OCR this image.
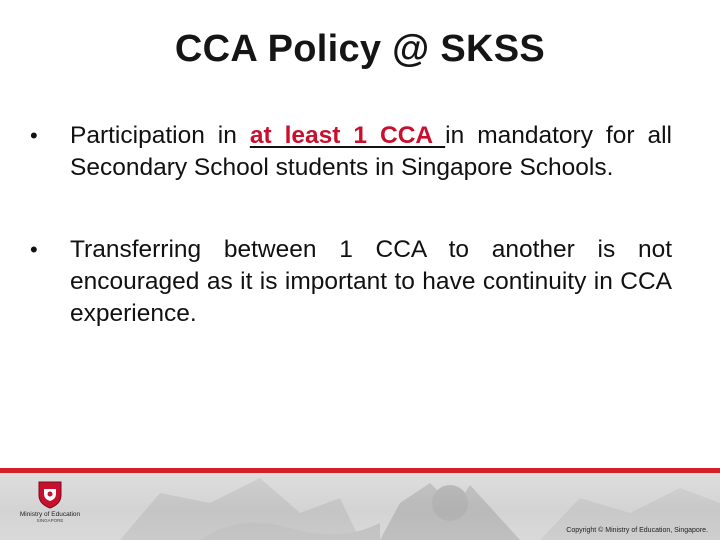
CCA Policy @ SKSS
• Participation in at least 1 CCA in mandatory for all Secondary School students in Singapore Schools.
• Transferring between 1 CCA to another is not encouraged as it is important to have continuity in CCA experience.
Ministry of Education
SINGAPORE
Copyright © Ministry of Education, Singapore.
